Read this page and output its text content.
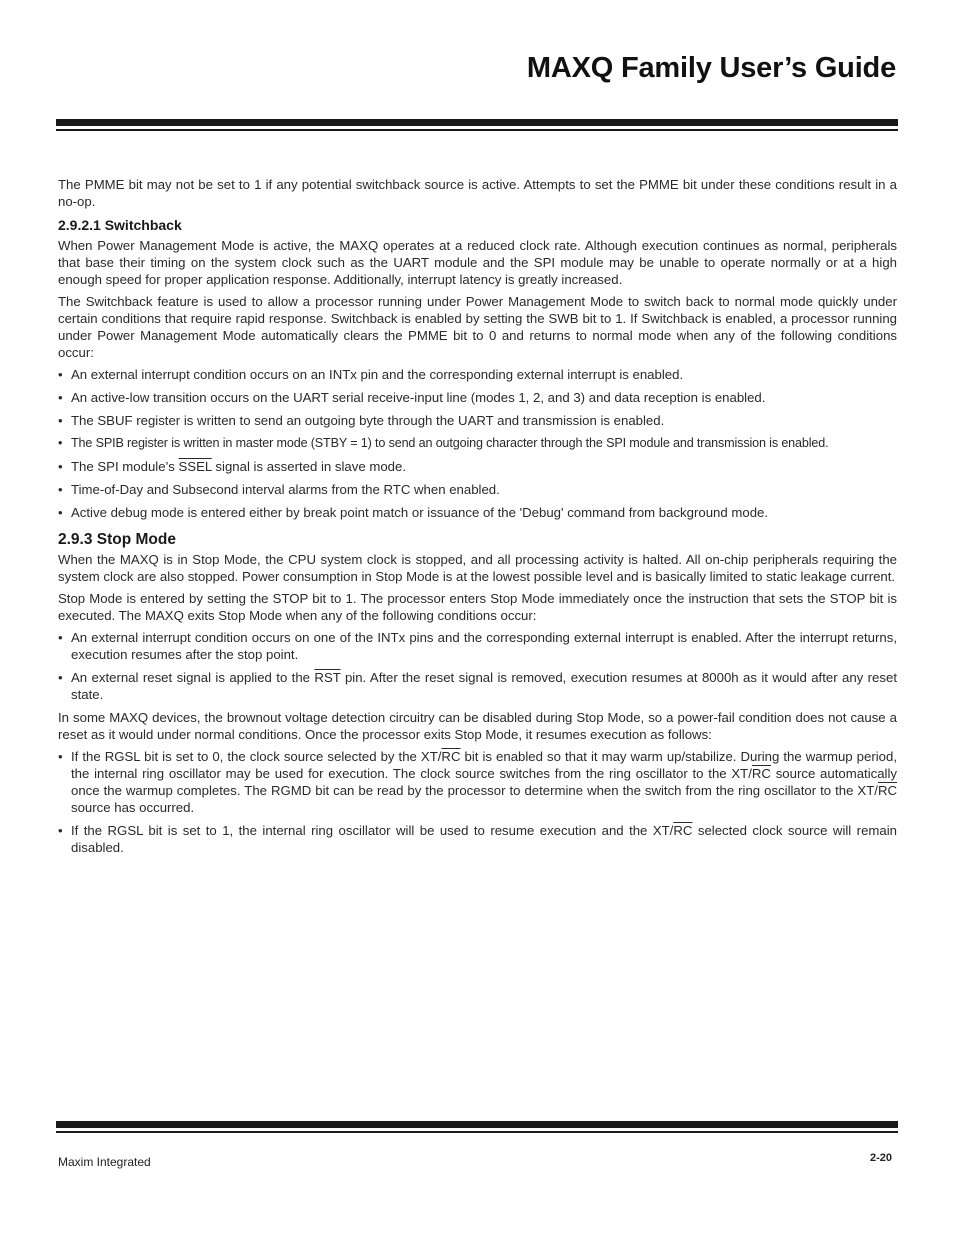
MAXQ Family User’s Guide

The PMME bit may not be set to 1 if any potential switchback source is active. Attempts to set the PMME bit under these conditions result in a no-op.

2.9.2.1 Switchback

When Power Management Mode is active, the MAXQ operates at a reduced clock rate. Although execution continues as normal, peripherals that base their timing on the system clock such as the UART module and the SPI module may be unable to operate normally or at a high enough speed for proper application response. Additionally, interrupt latency is greatly increased.

The Switchback feature is used to allow a processor running under Power Management Mode to switch back to normal mode quickly under certain conditions that require rapid response. Switchback is enabled by setting the SWB bit to 1. If Switchback is enabled, a processor running under Power Management Mode automatically clears the PMME bit to 0 and returns to normal mode when any of the following conditions occur:

• An external interrupt condition occurs on an INTx pin and the corresponding external interrupt is enabled.
• An active-low transition occurs on the UART serial receive-input line (modes 1, 2, and 3) and data reception is enabled.
• The SBUF register is written to send an outgoing byte through the UART and transmission is enabled.
• The SPIB register is written in master mode (STBY = 1) to send an outgoing character through the SPI module and transmission is enabled.
• The SPI module’s SSEL signal is asserted in slave mode.
• Time-of-Day and Subsecond interval alarms from the RTC when enabled.
• Active debug mode is entered either by break point match or issuance of the 'Debug' command from background mode.
2.9.3 Stop Mode

When the MAXQ is in Stop Mode, the CPU system clock is stopped, and all processing activity is halted. All on-chip peripherals requiring the system clock are also stopped. Power consumption in Stop Mode is at the lowest possible level and is basically limited to static leakage current.

Stop Mode is entered by setting the STOP bit to 1. The processor enters Stop Mode immediately once the instruction that sets the STOP bit is executed. The MAXQ exits Stop Mode when any of the following conditions occur:

• An external interrupt condition occurs on one of the INTx pins and the corresponding external interrupt is enabled. After the interrupt returns, execution resumes after the stop point.
• An external reset signal is applied to the $\overline{RST}$ pin. After the reset signal is removed, execution resumes at 8000h as it would after any reset state.

In some MAXQ devices, the brownout voltage detection circuitry can be disabled during Stop Mode, so a power-fail condition does not cause a reset as it would under normal conditions. Once the processor exits Stop Mode, it resumes execution as follows:

• If the RGSL bit is set to 0, the clock source selected by the $XT/\overline{RC}$ bit is enabled so that it may warm up/stabilize. During the warmup period, the internal ring oscillator may be used for execution. The clock source switches from the ring oscillator to the $XT/\overline{RC}$ source automatically once the warmup completes. The RGMD bit can be read by the processor to determine when the switch from the ring oscillator to the $XT/\overline{RC}$ source has occurred.
• If the RGSL bit is set to 1, the internal ring oscillator will be used to resume execution and the $XT/\overline{RC}$ selected clock source will remain disabled.
Maxim Integrated	2-20
